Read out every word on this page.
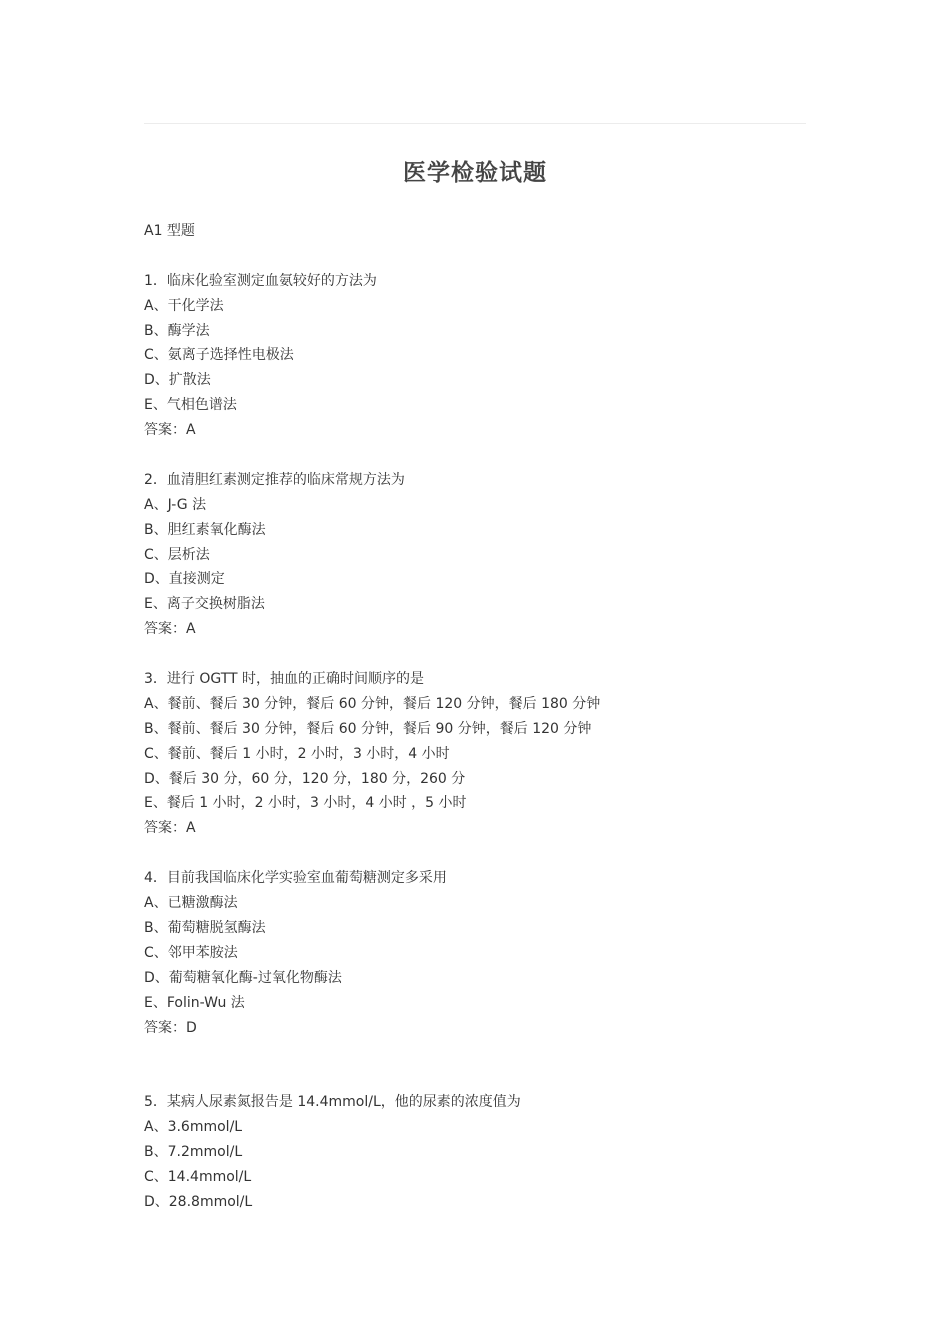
医学检验试题
A1 型题
1．临床化验室测定血氨较好的方法为
A、干化学法
B、酶学法
C、氨离子选择性电极法
D、扩散法
E、气相色谱法
答案：A
2．血清胆红素测定推荐的临床常规方法为
A、J-G 法
B、胆红素氧化酶法
C、层析法
D、直接测定
E、离子交换树脂法
答案：A
3．进行 OGTT 时，抽血的正确时间顺序的是
A、餐前、餐后 30 分钟，餐后 60 分钟，餐后 120 分钟，餐后 180 分钟
B、餐前、餐后 30 分钟，餐后 60 分钟，餐后 90 分钟，餐后 120 分钟
C、餐前、餐后 1 小时，2 小时，3 小时，4 小时
D、餐后 30 分，60 分，120 分，180 分，260 分
E、餐后 1 小时，2 小时，3 小时，4 小时 ，5 小时
答案：A
4．目前我国临床化学实验室血葡萄糖测定多采用
A、已糖激酶法
B、葡萄糖脱氢酶法
C、邻甲苯胺法
D、葡萄糖氧化酶-过氧化物酶法
E、Folin-Wu 法
答案：D
5．某病人尿素氮报告是 14.4mmol/L，他的尿素的浓度值为
A、3.6mmol/L
B、7.2mmol/L
C、14.4mmol/L
D、28.8mmol/L
